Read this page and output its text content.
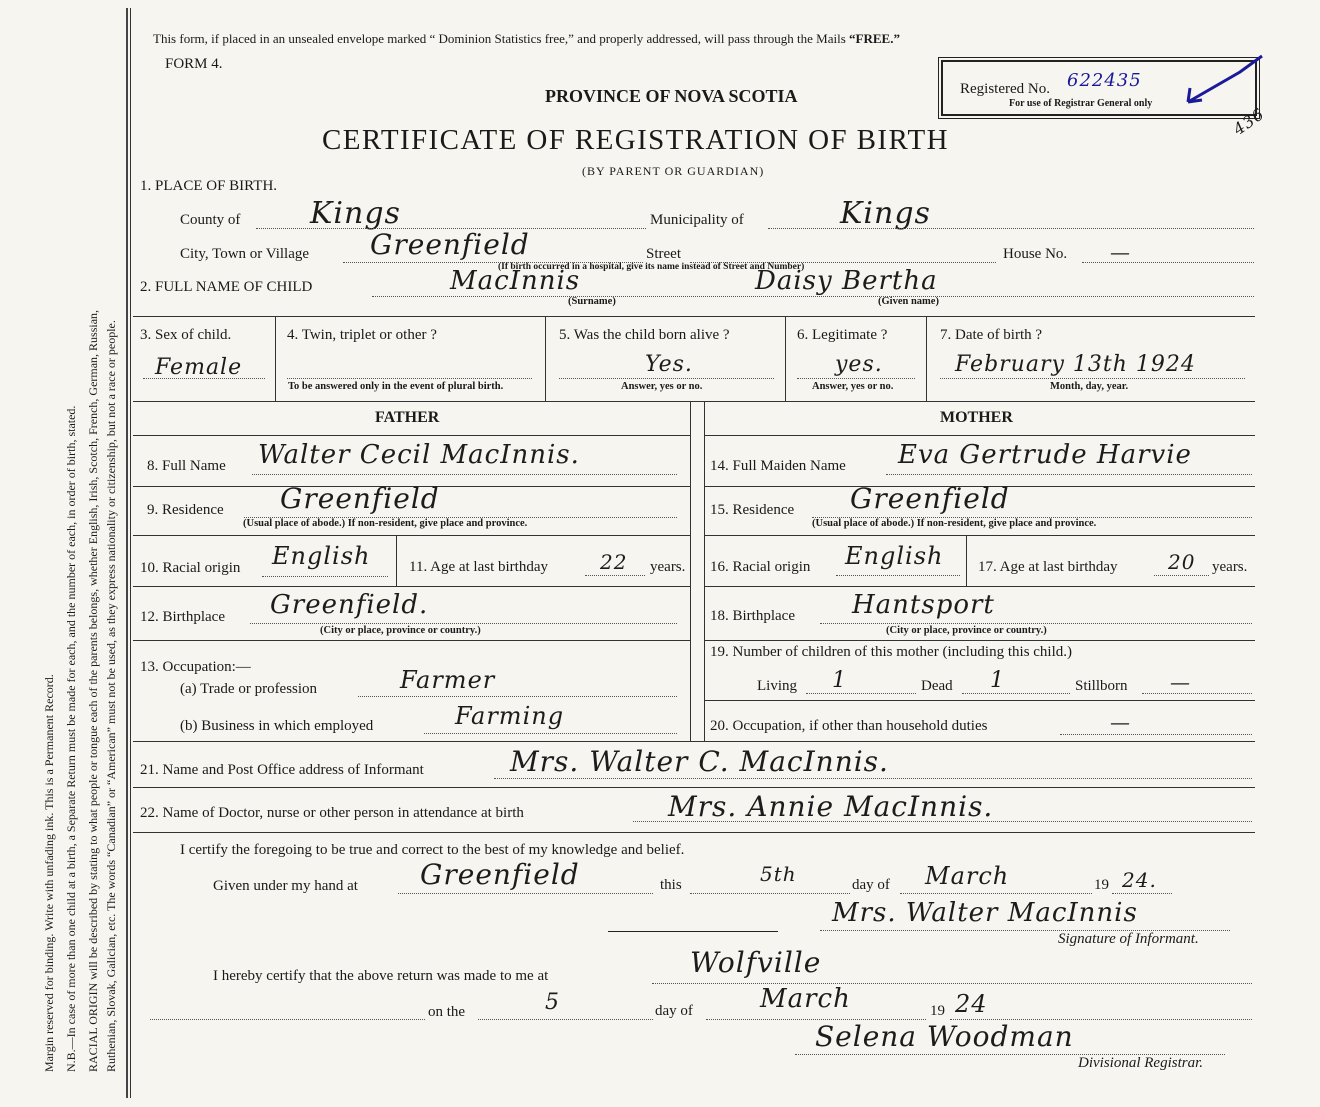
Margin reserved for binding. Write with unfading ink. This is a Permanent Record. N.B.—In case of more than one child at a birth, a Separate Return must be made for each, and the number of each, in order of birth, stated. RACIAL ORIGIN will be described by stating to what people or tongue each of the parents belongs, whether English, Irish, Scotch, French, German, Russian, Ruthenian, Slovak, Galician, etc. The words “Canadian” or “American” must not be used, as they express nationality or citizenship, but not a race or people.
This form, if placed in an unsealed envelope marked “ Dominion Statistics free,” and properly addressed, will pass through the Mails “FREE.”
FORM 4.
PROVINCE OF NOVA SCOTIA
CERTIFICATE OF REGISTRATION OF BIRTH
(BY PARENT OR GUARDIAN)
Registered No. 622435
For use of Registrar General only
436
1. PLACE OF BIRTH.
County of Kings	Municipality of	Kings
City, Town or Village Greenfield	Street	House No. —
(If birth occurred in a hospital, give its name instead of Street and Number)
2. FULL NAME OF CHILD	MacInnis	Daisy Bertha
(Surname)	(Given name)
3. Sex of child.
Female
4. Twin, triplet or other ?
To be answered only in the event of plural birth.
5. Was the child born alive ?
Yes.
Answer, yes or no.
6. Legitimate ?
yes.
Answer, yes or no.
7. Date of birth ?
February 13th 1924
Month, day, year.
FATHER	MOTHER
8. Full Name Walter Cecil MacInnis.	14. Full Maiden Name Eva Gertrude Harvie
9. Residence Greenfield
(Usual place of abode.) If non-resident, give place and province.
15. Residence Greenfield
(Usual place of abode.) If non-resident, give place and province.
10. Racial origin English	11. Age at last birthday	22 years. 16. Racial origin English 17. Age at last birthday	20 years.
12. Birthplace Greenfield.
(City or place, province or country.)
18. Birthplace Hantsport
(City or place, province or country.)
13. Occupation:—
(a) Trade or profession	Farmer
(b) Business in which employed	Farming
19. Number of children of this mother (including this child.)
Living 1	Dead 1	Stillborn —
20. Occupation, if other than household duties	—
21. Name and Post Office address of Informant	Mrs. Walter C. MacInnis.
22. Name of Doctor, nurse or other person in attendance at birth	Mrs. Annie MacInnis.
I certify the foregoing to be true and correct to the best of my knowledge and belief.
Given under my hand at Greenfield	this	5th	day of March	19 24.
Mrs. Walter MacInnis
Signature of Informant.
I hereby certify that the above return was made to me at	Wolfville
on the	5	day of	March	19 24
Selena Woodman
Divisional Registrar.
